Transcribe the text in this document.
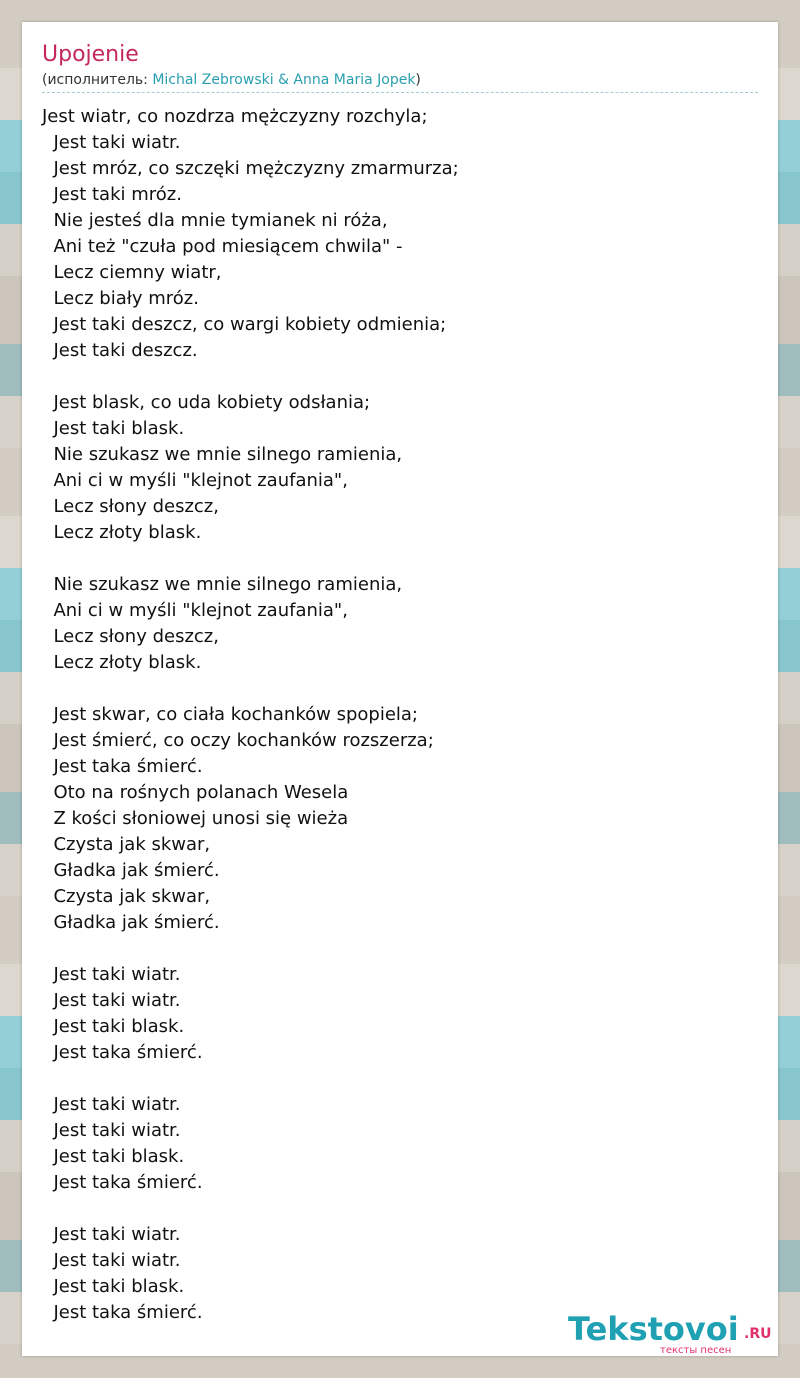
Upojenie
(исполнитель: Michal Zebrowski & Anna Maria Jopek)
Jest wiatr, co nozdrza mężczyzny rozchyla;
Jest taki wiatr.
Jest mróz, co szczęki mężczyzny zmarmurza;
Jest taki mróz.
Nie jesteś dla mnie tymianek ni róża,
Ani też "czuła pod miesiącem chwila" -
Lecz ciemny wiatr,
Lecz biały mróz.
Jest taki deszcz, co wargi kobiety odmienia;
Jest taki deszcz.

Jest blask, co uda kobiety odsłania;
Jest taki blask.
Nie szukasz we mnie silnego ramienia,
Ani ci w myśli "klejnot zaufania",
Lecz słony deszcz,
Lecz złoty blask.

Nie szukasz we mnie silnego ramienia,
Ani ci w myśli "klejnot zaufania",
Lecz słony deszcz,
Lecz złoty blask.

Jest skwar, co ciała kochanków spopiela;
Jest śmierć, co oczy kochanków rozszerza;
Jest taka śmierć.
Oto na rośnych polanach Wesela
Z kości słoniowej unosi się wieża
Czysta jak skwar,
Gładka jak śmierć.
Czysta jak skwar,
Gładka jak śmierć.

Jest taki wiatr.
Jest taki wiatr.
Jest taki blask.
Jest taka śmierć.

Jest taki wiatr.
Jest taki wiatr.
Jest taki blask.
Jest taka śmierć.

Jest taki wiatr.
Jest taki wiatr.
Jest taki blask.
Jest taka śmierć.	Tekstovoi .RU
тексты песен
